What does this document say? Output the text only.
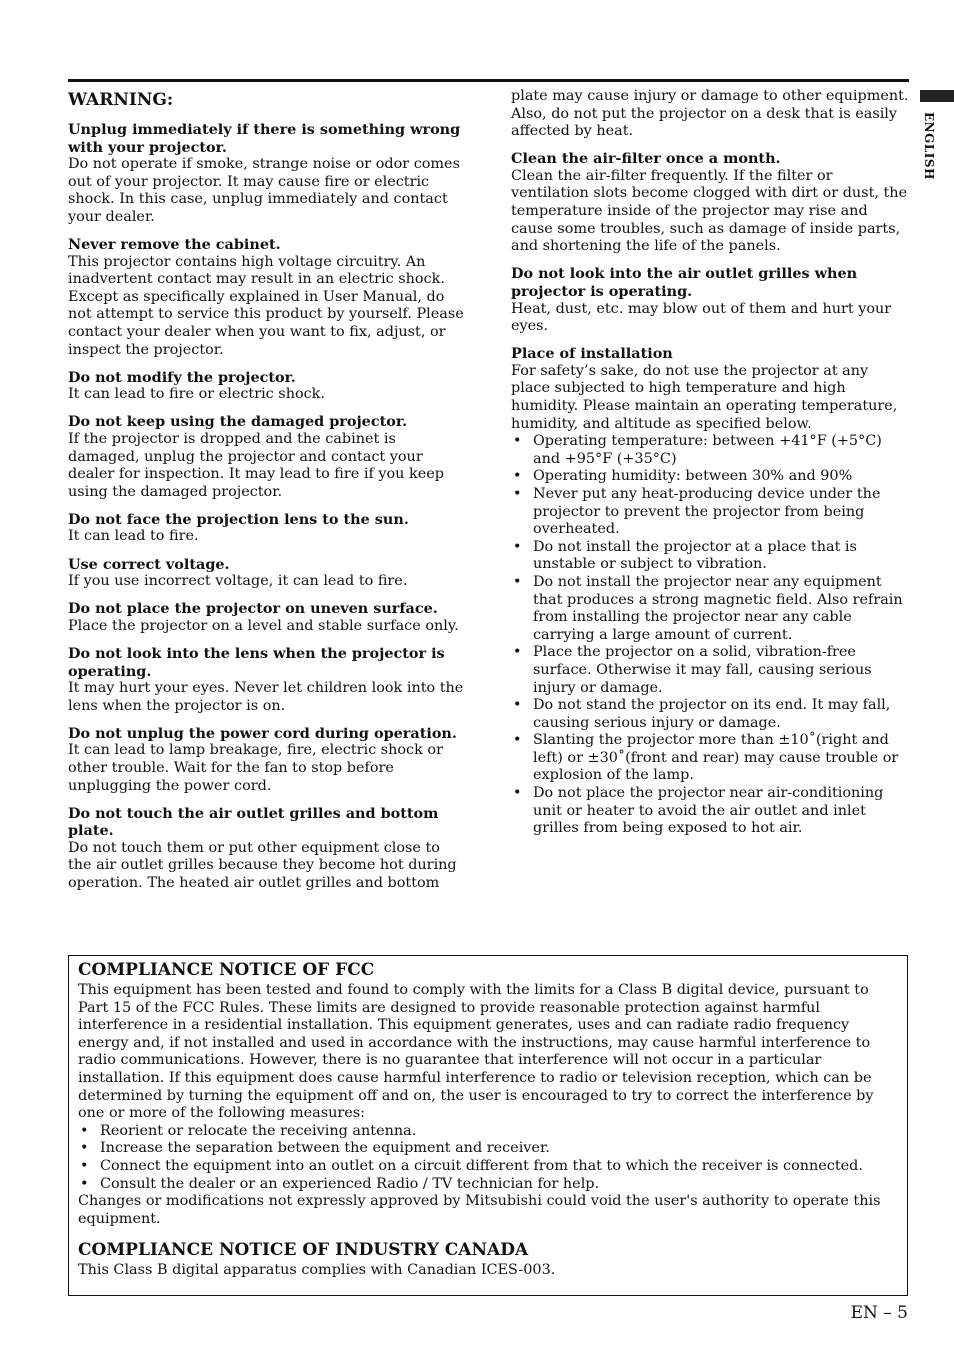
ENGLISH
WARNING:
Unplug immediately if there is something wrong with your projector.

Do not operate if smoke, strange noise or odor comes out of your projector. It may cause fire or electric shock. In this case, unplug immediately and contact your dealer.

Never remove the cabinet.

This projector contains high voltage circuitry. An inadvertent contact may result in an electric shock. Except as specifically explained in User Manual, do not attempt to service this product by yourself. Please contact your dealer when you want to fix, adjust, or inspect the projector.

Do not modify the projector.

It can lead to fire or electric shock.

Do not keep using the damaged projector.

If the projector is dropped and the cabinet is damaged, unplug the projector and contact your dealer for inspection. It may lead to fire if you keep using the damaged projector.

Do not face the projection lens to the sun.

It can lead to fire.

Use correct voltage.

If you use incorrect voltage, it can lead to fire.

Do not place the projector on uneven surface.

Place the projector on a level and stable surface only.

Do not look into the lens when the projector is operating.

It may hurt your eyes. Never let children look into the lens when the projector is on.

Do not unplug the power cord during operation.

It can lead to lamp breakage, fire, electric shock or other trouble. Wait for the fan to stop before unplugging the power cord.

Do not touch the air outlet grilles and bottom plate.

Do not touch them or put other equipment close to the air outlet grilles because they become hot during operation. The heated air outlet grilles and bottom

plate may cause injury or damage to other equipment. Also, do not put the projector on a desk that is easily affected by heat.

Clean the air-filter once a month.

Clean the air-filter frequently. If the filter or ventilation slots become clogged with dirt or dust, the temperature inside of the projector may rise and cause some troubles, such as damage of inside parts, and shortening the life of the panels.

Do not look into the air outlet grilles when projector is operating.

Heat, dust, etc. may blow out of them and hurt your eyes.

Place of installation

For safety’s sake, do not use the projector at any place subjected to high temperature and high humidity. Please maintain an operating temperature, humidity, and altitude as specified below.

• Operating temperature: between +41°F (+5°C) and +95°F (+35°C)
• Operating humidity: between 30% and 90%
• Never put any heat-producing device under the projector to prevent the projector from being overheated.
• Do not install the projector at a place that is unstable or subject to vibration.
• Do not install the projector near any equipment that produces a strong magnetic field. Also refrain from installing the projector near any cable carrying a large amount of current.
• Place the projector on a solid, vibration-free surface. Otherwise it may fall, causing serious injury or damage.
• Do not stand the projector on its end. It may fall, causing serious injury or damage.
• Slanting the projector more than ±10˚(right and left) or ±30˚(front and rear) may cause trouble or explosion of the lamp.
• Do not place the projector near air-conditioning unit or heater to avoid the air outlet and inlet grilles from being exposed to hot air.
COMPLIANCE NOTICE OF FCC

This equipment has been tested and found to comply with the limits for a Class B digital device, pursuant to Part 15 of the FCC Rules. These limits are designed to provide reasonable protection against harmful interference in a residential installation. This equipment generates, uses and can radiate radio frequency energy and, if not installed and used in accordance with the instructions, may cause harmful interference to radio communications. However, there is no guarantee that interference will not occur in a particular installation. If this equipment does cause harmful interference to radio or television reception, which can be determined by turning the equipment off and on, the user is encouraged to try to correct the interference by one or more of the following measures:

• Reorient or relocate the receiving antenna.
• Increase the separation between the equipment and receiver.
• Connect the equipment into an outlet on a circuit different from that to which the receiver is connected.
• Consult the dealer or an experienced Radio / TV technician for help.

Changes or modifications not expressly approved by Mitsubishi could void the user's authority to operate this equipment.

COMPLIANCE NOTICE OF INDUSTRY CANADA

This Class B digital apparatus complies with Canadian ICES-003.

EN – 5
